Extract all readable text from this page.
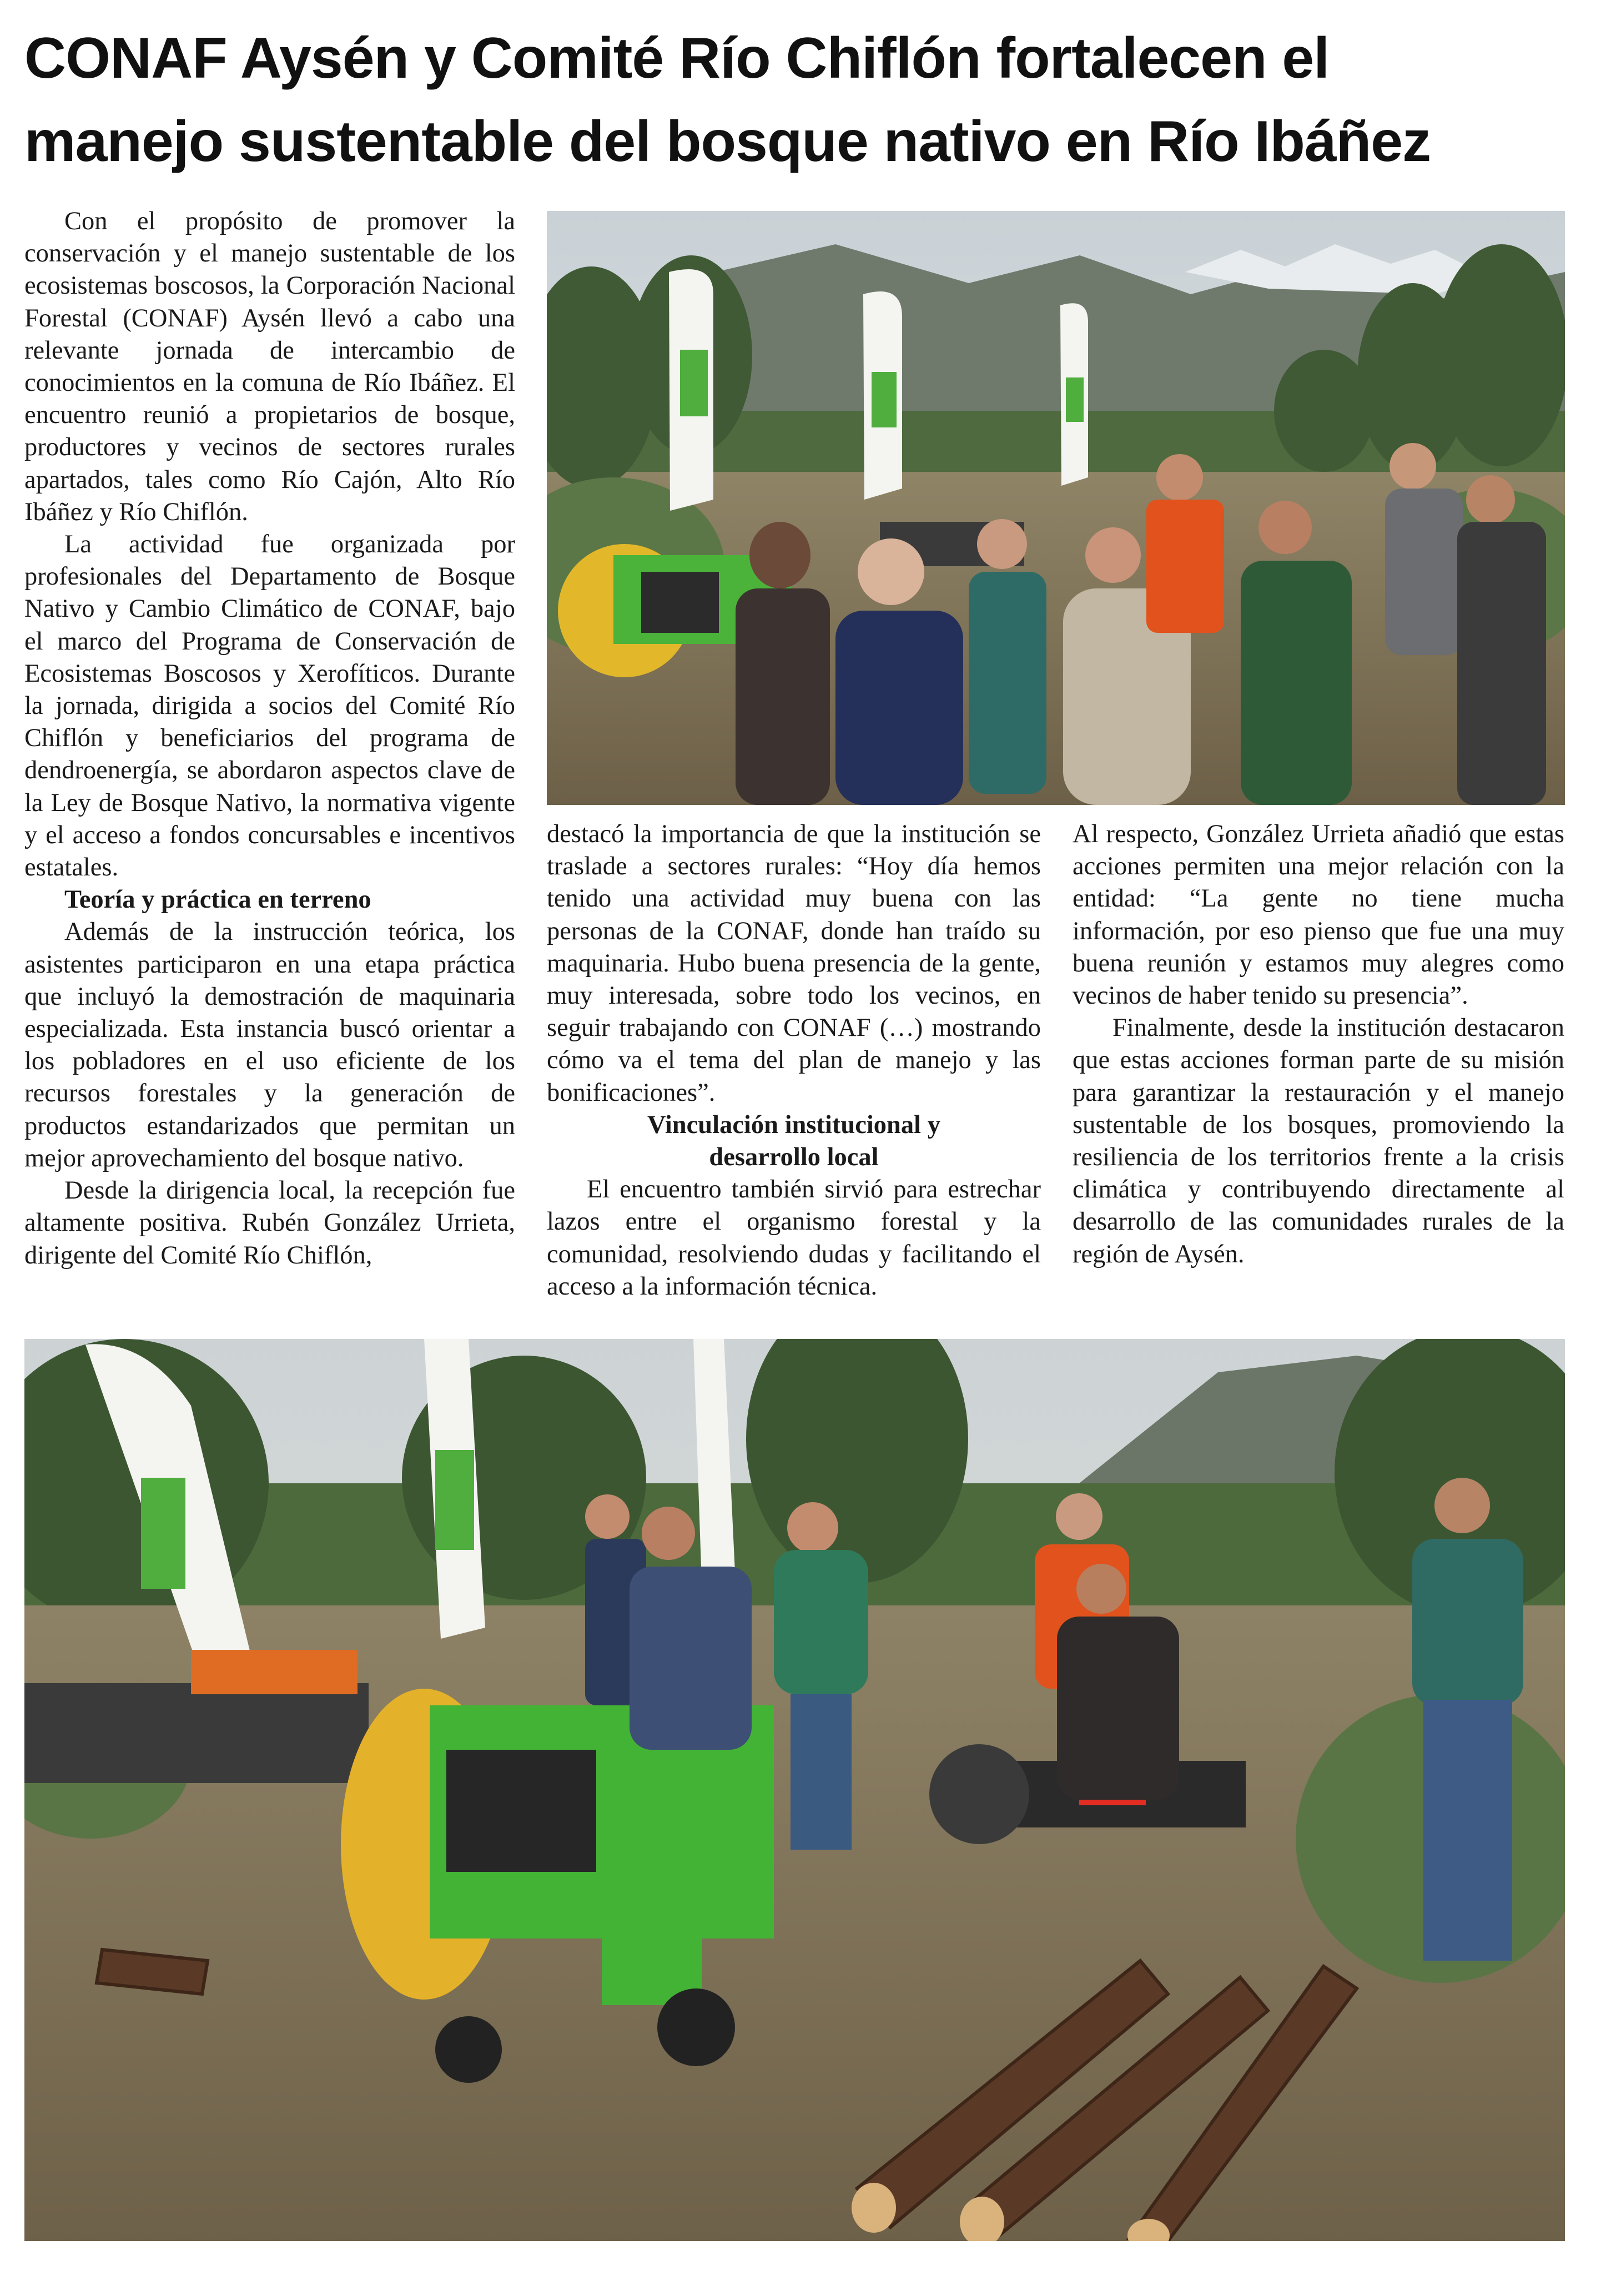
CONAF Aysén y Comité Río Chiflón fortalecen el
manejo sustentable del bosque nativo en Río Ibáñez

Con el propósito de promover la conservación y el manejo sustentable de los ecosistemas boscosos, la Corporación Nacional Forestal (CONAF) Aysén llevó a cabo una relevante jornada de intercambio de conocimientos en la comuna de Río Ibáñez. El encuentro reunió a propietarios de bosque, productores y vecinos de sectores rurales apartados, tales como Río Cajón, Alto Río Ibáñez y Río Chiflón.

La actividad fue organizada por profesionales del Departamento de Bosque Nativo y Cambio Climático de CONAF, bajo el marco del Programa de Conservación de Ecosistemas Boscosos y Xerofíticos. Durante la jornada, dirigida a socios del Comité Río Chiflón y beneficiarios del programa de dendroenergía, se abordaron aspectos clave de la Ley de Bosque Nativo, la normativa vigente y el acceso a fondos concursables e incentivos estatales.

Teoría y práctica en terreno

Además de la instrucción teórica, los asistentes participaron en una etapa práctica que incluyó la demostración de maquinaria especializada. Esta instancia buscó orientar a los pobladores en el uso eficiente de los recursos forestales y la generación de productos estandarizados que permitan un mejor aprovechamiento del bosque nativo.

Desde la dirigencia local, la recepción fue altamente positiva. Rubén González Urrieta, dirigente del Comité Río Chiflón,

destacó la importancia de que la institución se traslade a sectores rurales: “Hoy día hemos tenido una actividad muy buena con las personas de la CONAF, donde han traído su maquinaria. Hubo buena presencia de la gente, muy interesada, sobre todo los vecinos, en seguir trabajando con CONAF (…) mostrando cómo va el tema del plan de manejo y las bonificaciones”.

Vinculación institucional y
desarrollo local

El encuentro también sirvió para estrechar lazos entre el organismo forestal y la comunidad, resolviendo dudas y facilitando el acceso a la información técnica.

Al respecto, González Urrieta añadió que estas acciones permiten una mejor relación con la entidad: “La gente no tiene mucha información, por eso pienso que fue una muy buena reunión y estamos muy alegres como vecinos de haber tenido su presencia”.

Finalmente, desde la institución destacaron que estas acciones forman parte de su misión para garantizar la restauración y el manejo sustentable de los bosques, promoviendo la resiliencia de los territorios frente a la crisis climática y contribuyendo directamente al desarrollo de las comunidades rurales de la región de Aysén.
